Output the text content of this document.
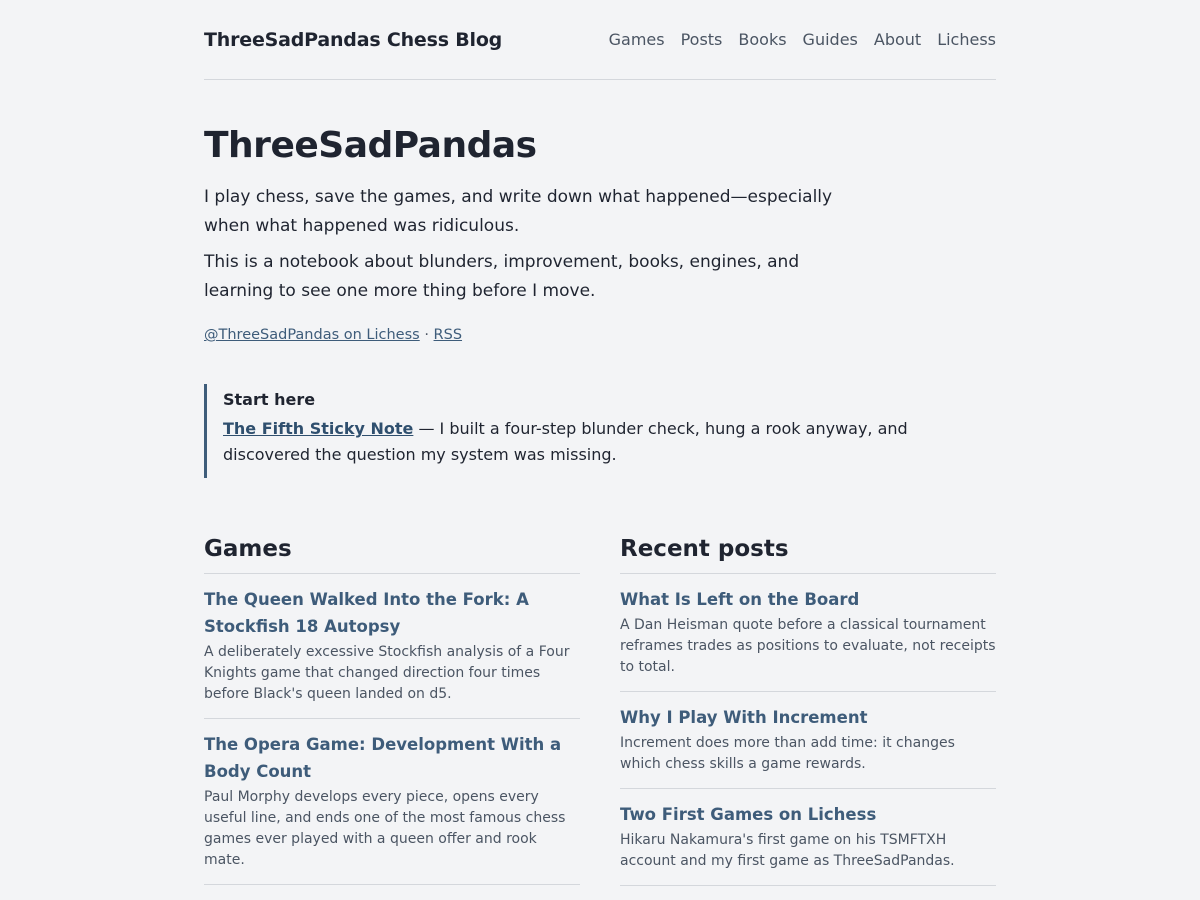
ThreeSadPandas Chess Blog	Games Posts Books Guides About Lichess
ThreeSadPandas

I play chess, save the games, and write down what happened—especially when what happened was ridiculous.

This is a notebook about blunders, improvement, books, engines, and learning to see one more thing before I move.

@ThreeSadPandas on Lichess · RSS
Start here
The Fifth Sticky Note — I built a four-step blunder check, hung a rook anyway, and discovered the question my system was missing.
Games
The Queen Walked Into the Fork: A Stockfish 18 Autopsy
A deliberately excessive Stockfish analysis of a Four Knights game that changed direction four times before Black's queen landed on d5.
The Opera Game: Development With a Body Count
Paul Morphy develops every piece, opens every useful line, and ends one of the most famous chess games ever played with a queen offer and rook mate.
Recent posts
What Is Left on the Board
A Dan Heisman quote before a classical tournament reframes trades as positions to evaluate, not receipts to total.
Why I Play With Increment
Increment does more than add time: it changes which chess skills a game rewards.
Two First Games on Lichess
Hikaru Nakamura's first game on his TSMFTXH account and my first game as ThreeSadPandas.
